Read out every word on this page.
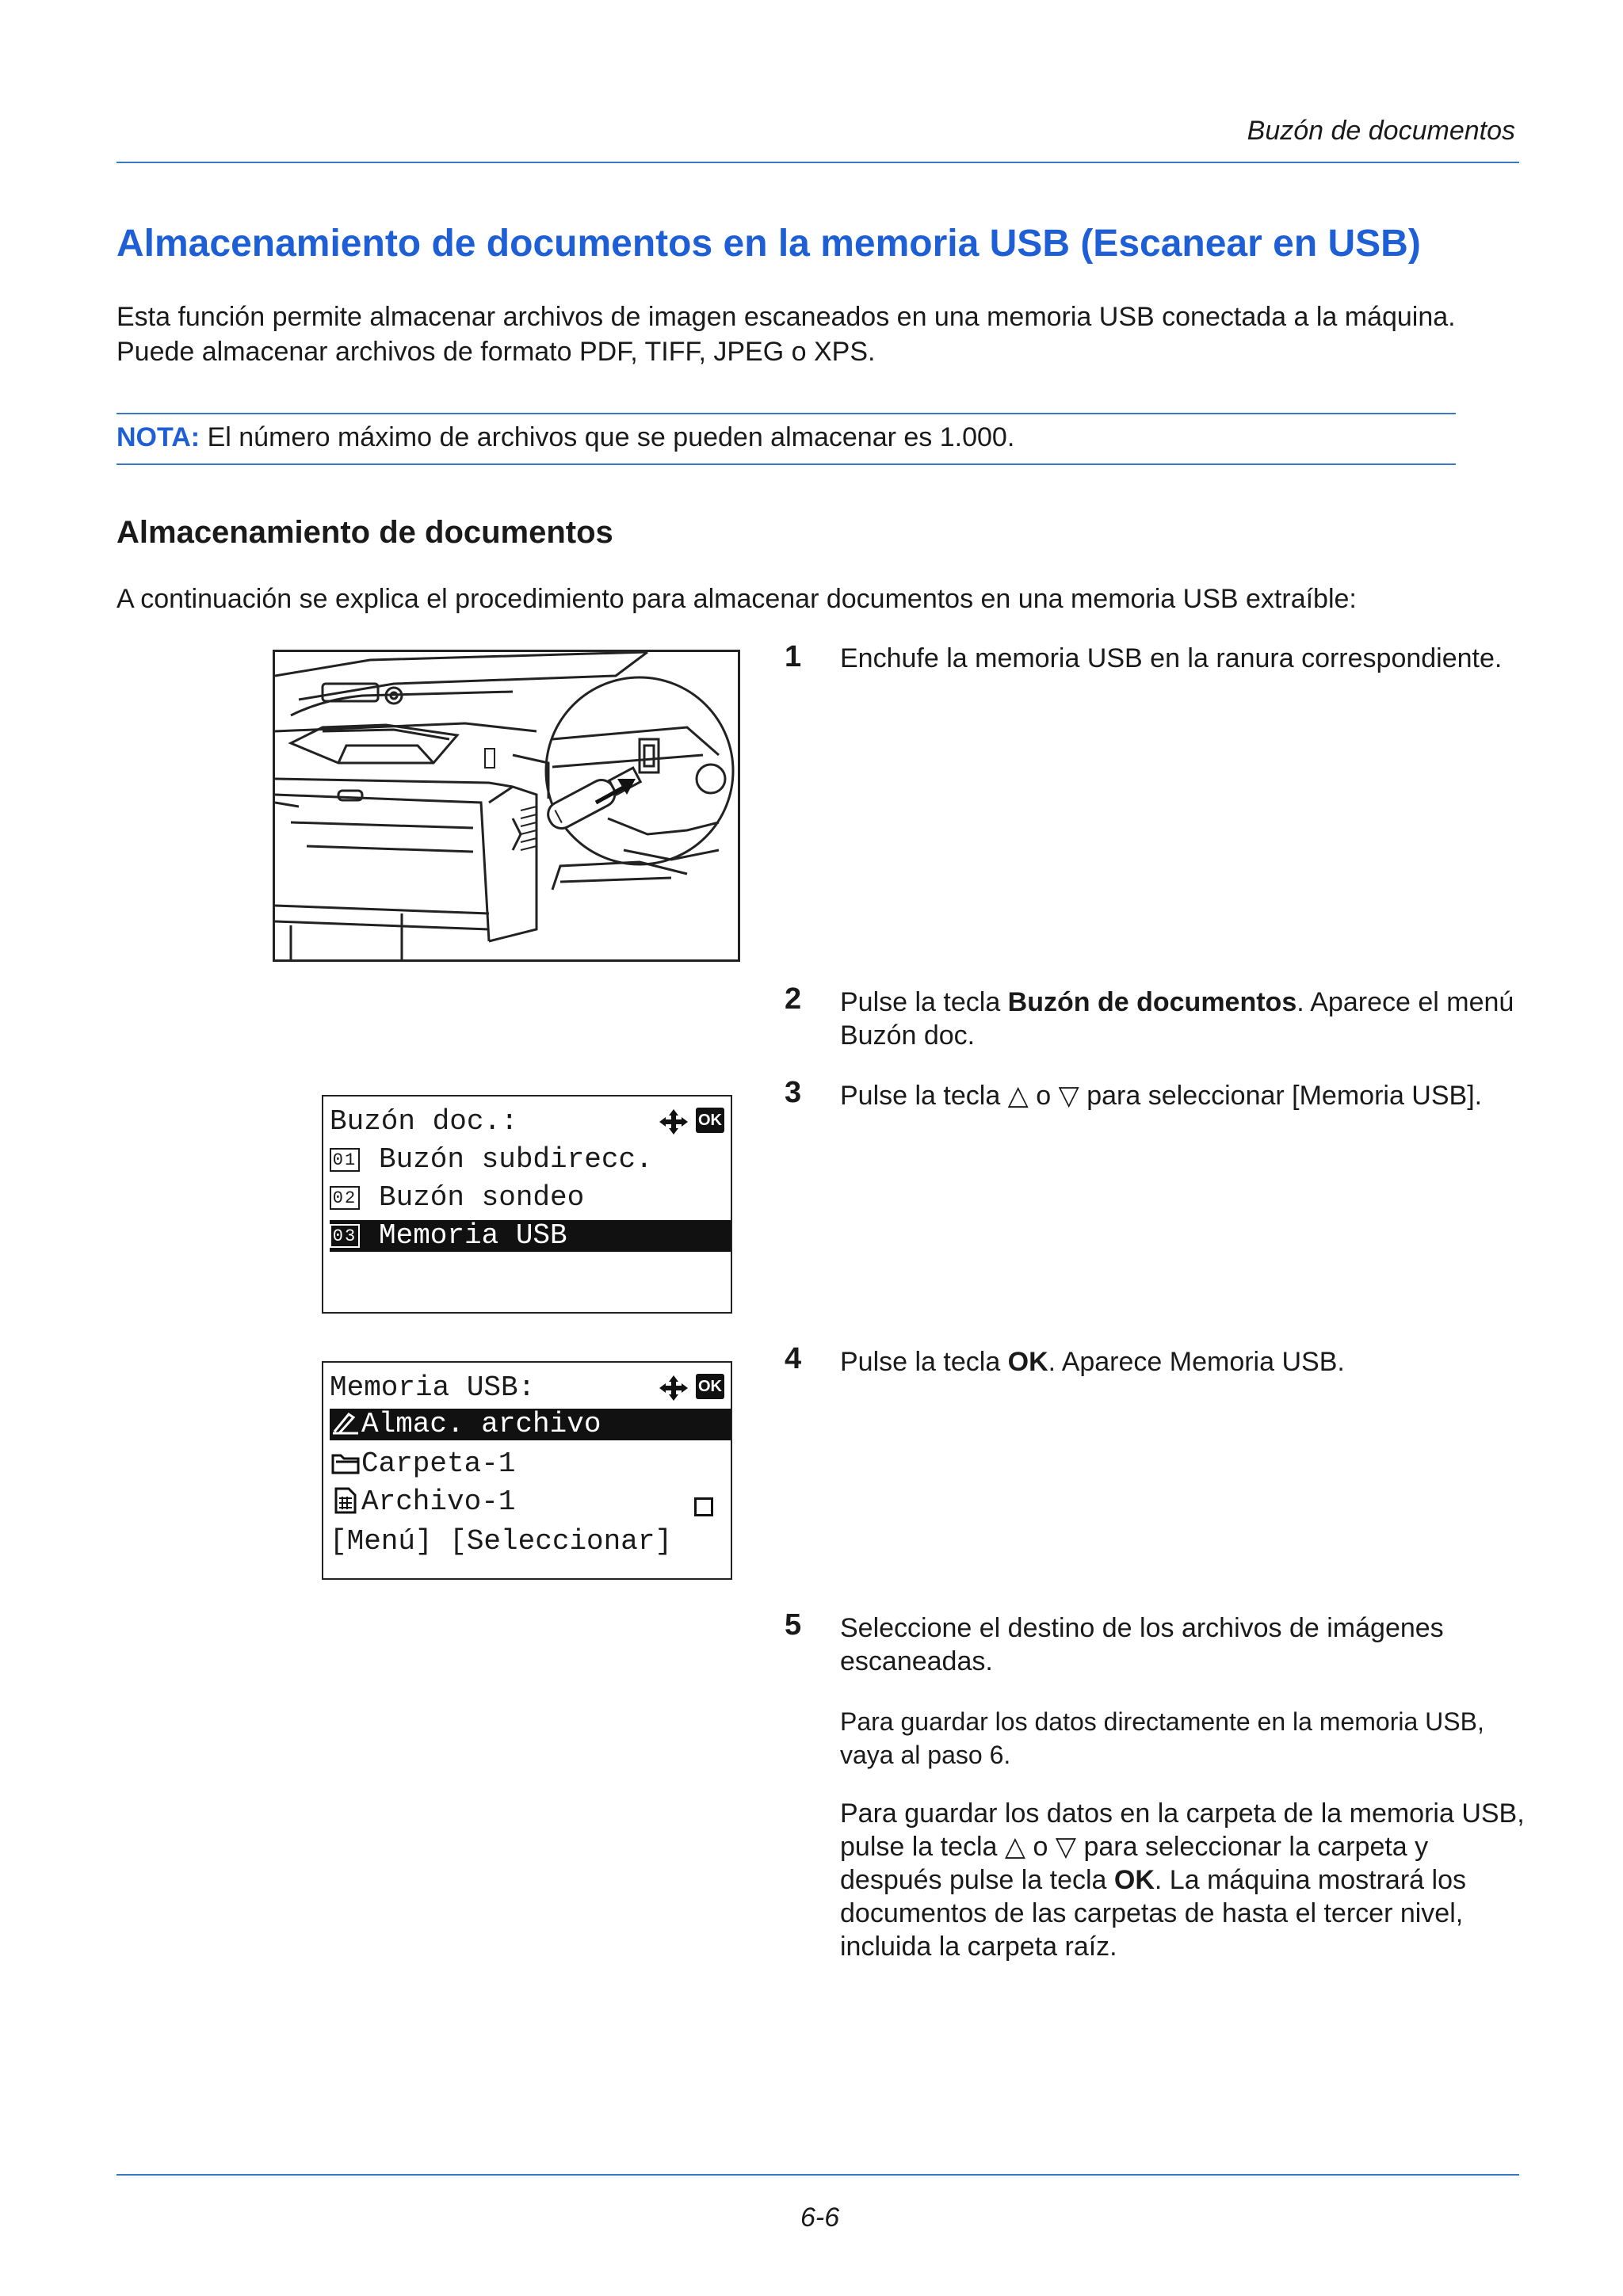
Buzón de documentos
Almacenamiento de documentos en la memoria USB (Escanear en USB)
Esta función permite almacenar archivos de imagen escaneados en una memoria USB conectada a la máquina.
Puede almacenar archivos de formato PDF, TIFF, JPEG o XPS.
NOTA: El número máximo de archivos que se pueden almacenar es 1.000.
Almacenamiento de documentos
A continuación se explica el procedimiento para almacenar documentos en una memoria USB extraíble:
1 Enchufe la memoria USB en la ranura correspondiente.
2 Pulse la tecla Buzón de documentos. Aparece el menú Buzón doc.
3 Pulse la tecla △ o ▽ para seleccionar [Memoria USB].
Buzón doc.:	OK
01 Buzón subdirecc.
02 Buzón sondeo
03 Memoria USB
4 Pulse la tecla OK. Aparece Memoria USB.
Memoria USB:	OK
Almac. archivo
Carpeta-1
Archivo-1
[Menú] [Seleccionar]
5 Seleccione el destino de los archivos de imágenes escaneadas.
Para guardar los datos directamente en la memoria USB, vaya al paso 6.
Para guardar los datos en la carpeta de la memoria USB, pulse la tecla △ o ▽ para seleccionar la carpeta y después pulse la tecla OK. La máquina mostrará los documentos de las carpetas de hasta el tercer nivel, incluida la carpeta raíz.
6-6
